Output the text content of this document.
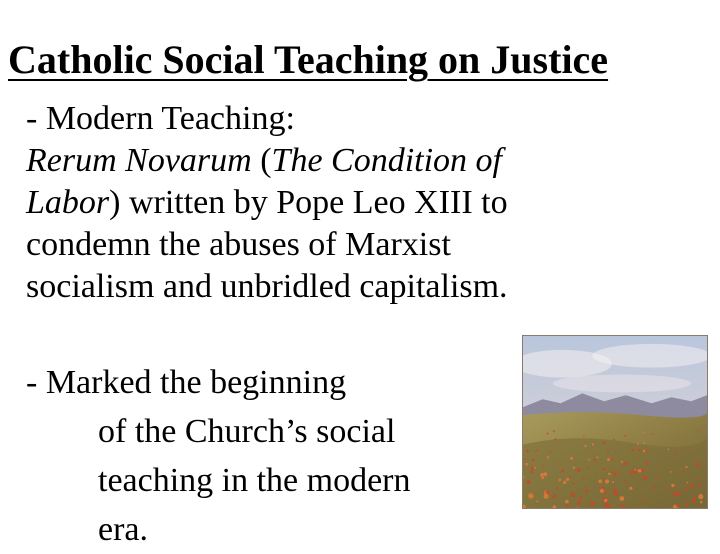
Catholic Social Teaching on Justice
- Modern Teaching:
Rerum Novarum (The Condition of
Labor) written by Pope Leo XIII to
condemn the abuses of Marxist
socialism and unbridled capitalism.
- Marked the beginning
of the Church’s social
teaching in the modern
era.
